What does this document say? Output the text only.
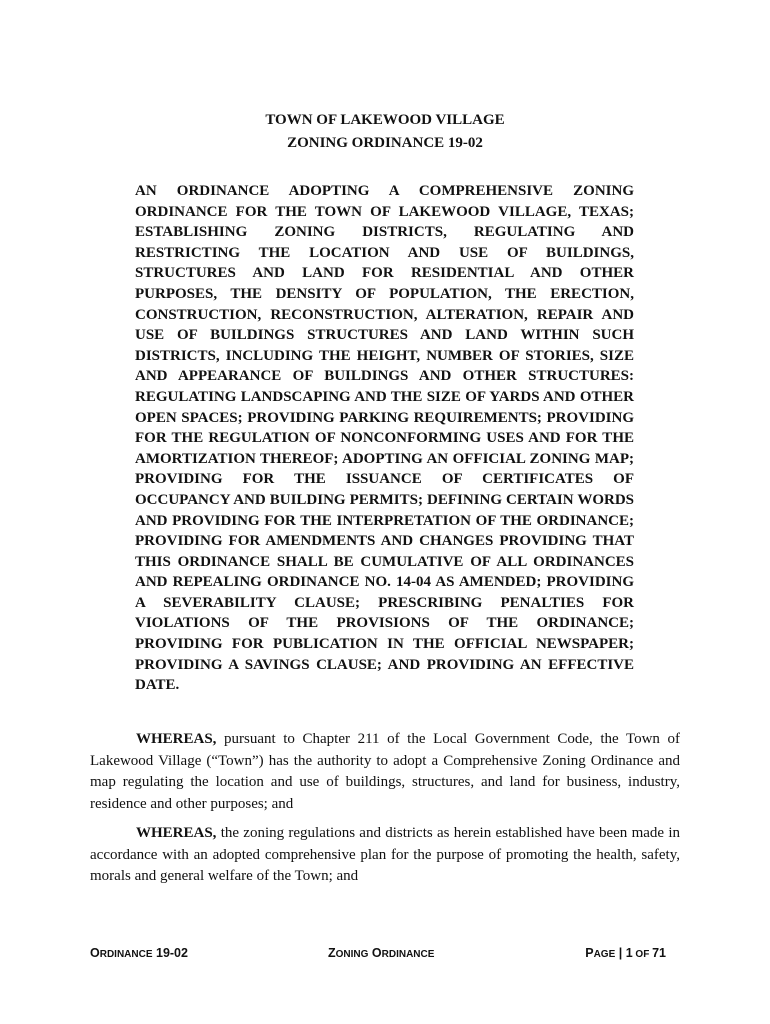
TOWN OF LAKEWOOD VILLAGE
ZONING ORDINANCE 19-02
AN ORDINANCE ADOPTING A COMPREHENSIVE ZONING ORDINANCE FOR THE TOWN OF LAKEWOOD VILLAGE, TEXAS; ESTABLISHING ZONING DISTRICTS, REGULATING AND RESTRICTING THE LOCATION AND USE OF BUILDINGS, STRUCTURES AND LAND FOR RESIDENTIAL AND OTHER PURPOSES, THE DENSITY OF POPULATION, THE ERECTION, CONSTRUCTION, RECONSTRUCTION, ALTERATION, REPAIR AND USE OF BUILDINGS STRUCTURES AND LAND WITHIN SUCH DISTRICTS, INCLUDING THE HEIGHT, NUMBER OF STORIES, SIZE AND APPEARANCE OF BUILDINGS AND OTHER STRUCTURES: REGULATING LANDSCAPING AND THE SIZE OF YARDS AND OTHER OPEN SPACES; PROVIDING PARKING REQUIREMENTS; PROVIDING FOR THE REGULATION OF NONCONFORMING USES AND FOR THE AMORTIZATION THEREOF; ADOPTING AN OFFICIAL ZONING MAP; PROVIDING FOR THE ISSUANCE OF CERTIFICATES OF OCCUPANCY AND BUILDING PERMITS; DEFINING CERTAIN WORDS AND PROVIDING FOR THE INTERPRETATION OF THE ORDINANCE; PROVIDING FOR AMENDMENTS AND CHANGES PROVIDING THAT THIS ORDINANCE SHALL BE CUMULATIVE OF ALL ORDINANCES AND REPEALING ORDINANCE NO. 14-04 AS AMENDED; PROVIDING A SEVERABILITY CLAUSE; PRESCRIBING PENALTIES FOR VIOLATIONS OF THE PROVISIONS OF THE ORDINANCE; PROVIDING FOR PUBLICATION IN THE OFFICIAL NEWSPAPER; PROVIDING A SAVINGS CLAUSE; AND PROVIDING AN EFFECTIVE
DATE.

WHEREAS, pursuant to Chapter 211 of the Local Government Code, the Town of Lakewood Village (“Town”) has the authority to adopt a Comprehensive Zoning Ordinance and map regulating the location and use of buildings, structures, and land for business, industry, residence and other purposes; and

WHEREAS, the zoning regulations and districts as herein established have been made in accordance with an adopted comprehensive plan for the purpose of promoting the health, safety, morals and general welfare of the Town; and

ORDINANCE 19-02	ZONING ORDINANCE	PAGE | 1 OF 71
